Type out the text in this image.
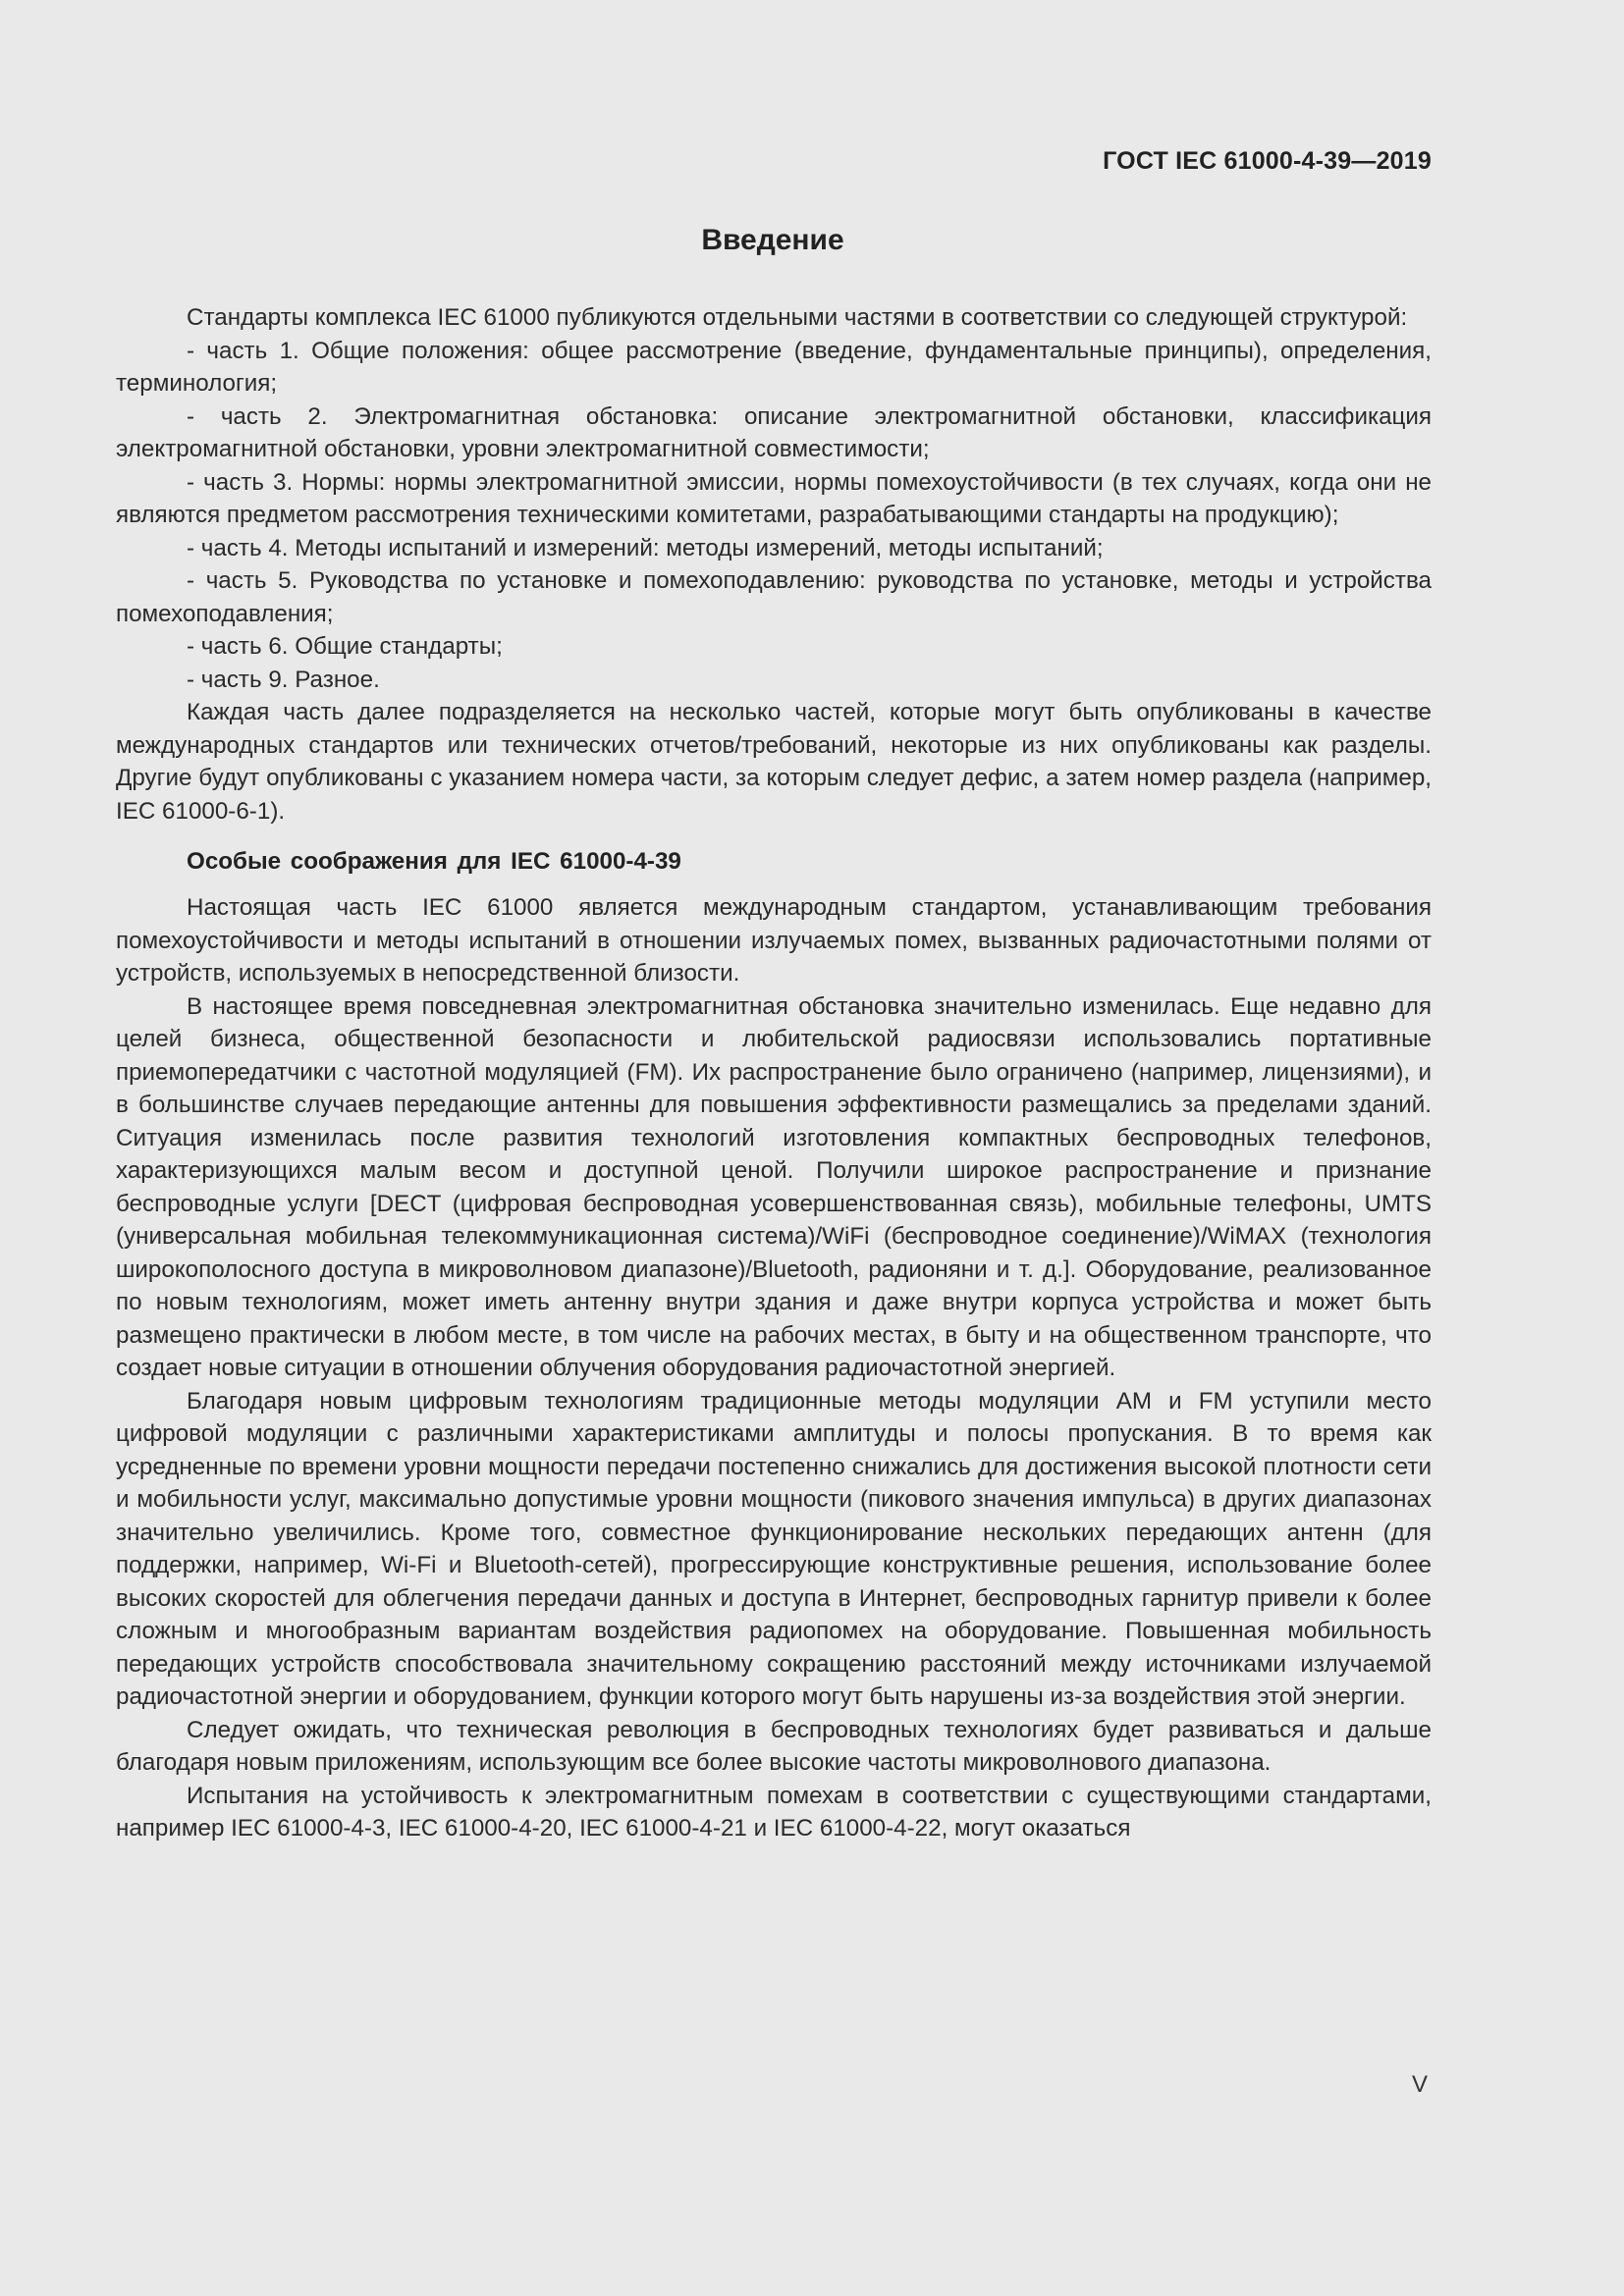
ГОСТ IEC 61000-4-39—2019
Введение

Стандарты комплекса IEC 61000 публикуются отдельными частями в соответствии со следующей структурой:

- часть 1. Общие положения: общее рассмотрение (введение, фундаментальные принципы), определения, терминология;

- часть 2. Электромагнитная обстановка: описание электромагнитной обстановки, классификация электромагнитной обстановки, уровни электромагнитной совместимости;

- часть 3. Нормы: нормы электромагнитной эмиссии, нормы помехоустойчивости (в тех случаях, когда они не являются предметом рассмотрения техническими комитетами, разрабатывающими стандарты на продукцию);

- часть 4. Методы испытаний и измерений: методы измерений, методы испытаний;

- часть 5. Руководства по установке и помехоподавлению: руководства по установке, методы и устройства помехоподавления;

- часть 6. Общие стандарты;

- часть 9. Разное.

Каждая часть далее подразделяется на несколько частей, которые могут быть опубликованы в качестве международных стандартов или технических отчетов/требований, некоторые из них опубликованы как разделы. Другие будут опубликованы с указанием номера части, за которым следует дефис, а затем номер раздела (например, IEC 61000-6-1).

Особые соображения для IEC 61000-4-39

Настоящая часть IEC 61000 является международным стандартом, устанавливающим требования помехоустойчивости и методы испытаний в отношении излучаемых помех, вызванных радиочастотными полями от устройств, используемых в непосредственной близости.

В настоящее время повседневная электромагнитная обстановка значительно изменилась. Еще недавно для целей бизнеса, общественной безопасности и любительской радиосвязи использовались портативные приемопередатчики с частотной модуляцией (FM). Их распространение было ограничено (например, лицензиями), и в большинстве случаев передающие антенны для повышения эффективности размещались за пределами зданий. Ситуация изменилась после развития технологий изготовления компактных беспроводных телефонов, характеризующихся малым весом и доступной ценой. Получили широкое распространение и признание беспроводные услуги [DECT (цифровая беспроводная усовершенствованная связь), мобильные телефоны, UMTS (универсальная мобильная телекоммуникационная система)/WiFi (беспроводное соединение)/WiMAX (технология широкополосного доступа в микроволновом диапазоне)/Bluetooth, радионяни и т. д.]. Оборудование, реализованное по новым технологиям, может иметь антенну внутри здания и даже внутри корпуса устройства и может быть размещено практически в любом месте, в том числе на рабочих местах, в быту и на общественном транспорте, что создает новые ситуации в отношении облучения оборудования радиочастотной энергией.

Благодаря новым цифровым технологиям традиционные методы модуляции AM и FM уступили место цифровой модуляции с различными характеристиками амплитуды и полосы пропускания. В то время как усредненные по времени уровни мощности передачи постепенно снижались для достижения высокой плотности сети и мобильности услуг, максимально допустимые уровни мощности (пикового значения импульса) в других диапазонах значительно увеличились. Кроме того, совместное функционирование нескольких передающих антенн (для поддержки, например, Wi-Fi и Bluetooth-сетей), прогрессирующие конструктивные решения, использование более высоких скоростей для облегчения передачи данных и доступа в Интернет, беспроводных гарнитур привели к более сложным и многообразным вариантам воздействия радиопомех на оборудование. Повышенная мобильность передающих устройств способствовала значительному сокращению расстояний между источниками излучаемой радиочастотной энергии и оборудованием, функции которого могут быть нарушены из-за воздействия этой энергии.

Следует ожидать, что техническая революция в беспроводных технологиях будет развиваться и дальше благодаря новым приложениям, использующим все более высокие частоты микроволнового диапазона.

Испытания на устойчивость к электромагнитным помехам в соответствии с существующими стандартами, например IEC 61000-4-3, IEC 61000-4-20, IEC 61000-4-21 и IEC 61000-4-22, могут оказаться

V
